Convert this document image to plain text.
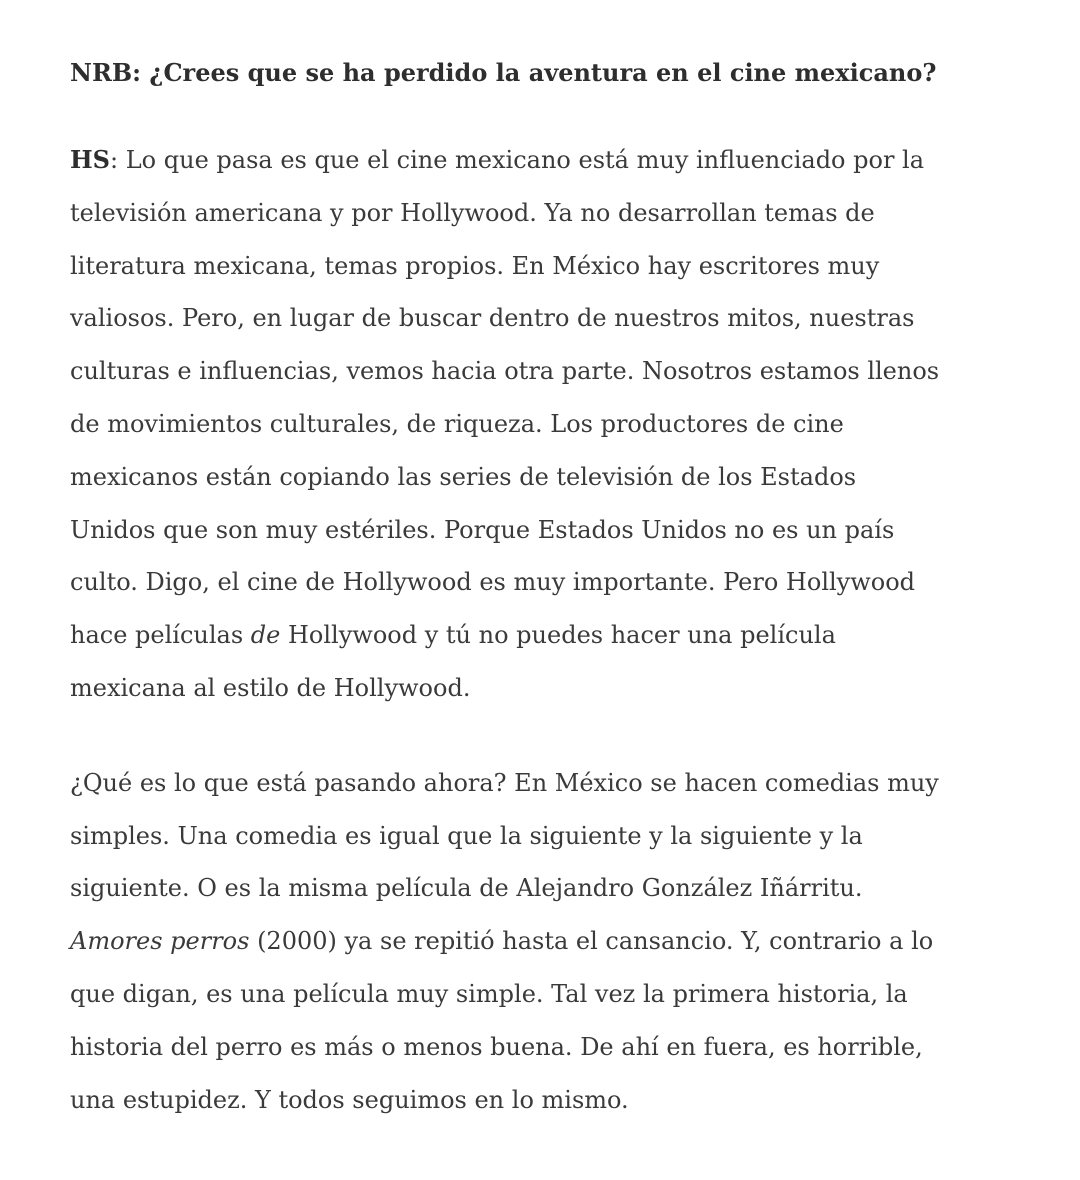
NRB: ¿Crees que se ha perdido la aventura en el cine mexicano?

HS: Lo que pasa es que el cine mexicano está muy influenciado por la televisión americana y por Hollywood. Ya no desarrollan temas de literatura mexicana, temas propios. En México hay escritores muy valiosos. Pero, en lugar de buscar dentro de nuestros mitos, nuestras culturas e influencias, vemos hacia otra parte. Nosotros estamos llenos de movimientos culturales, de riqueza. Los productores de cine mexicanos están copiando las series de televisión de los Estados Unidos que son muy estériles. Porque Estados Unidos no es un país culto. Digo, el cine de Hollywood es muy importante. Pero Hollywood hace películas de Hollywood y tú no puedes hacer una película mexicana al estilo de Hollywood.

¿Qué es lo que está pasando ahora? En México se hacen comedias muy simples. Una comedia es igual que la siguiente y la siguiente y la siguiente. O es la misma película de Alejandro González Iñárritu. Amores perros (2000) ya se repitió hasta el cansancio. Y, contrario a lo que digan, es una película muy simple. Tal vez la primera historia, la historia del perro es más o menos buena. De ahí en fuera, es horrible, una estupidez. Y todos seguimos en lo mismo.
